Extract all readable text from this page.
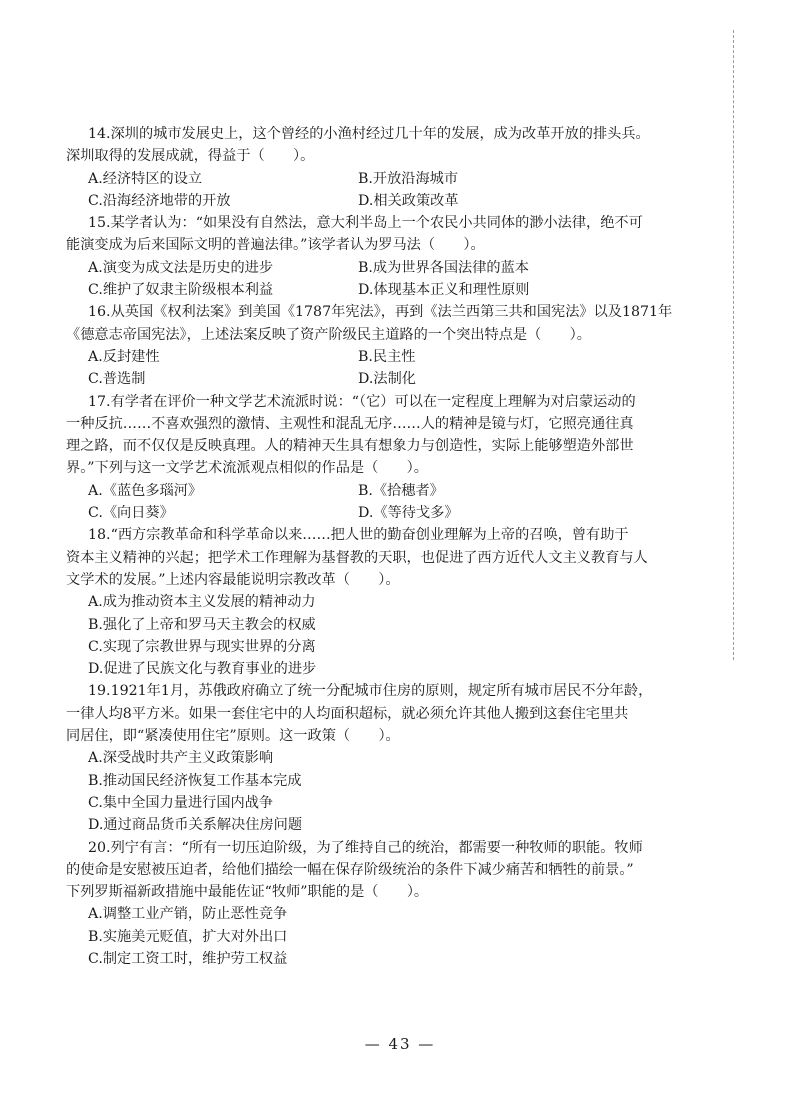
14.深圳的城市发展史上，这个曾经的小渔村经过几十年的发展，成为改革开放的排头兵。
深圳取得的发展成就，得益于（　　）。
A.经济特区的设立	B.开放沿海城市
C.沿海经济地带的开放	D.相关政策改革
15.某学者认为：“如果没有自然法，意大利半岛上一个农民小共同体的渺小法律，绝不可
能演变成为后来国际文明的普遍法律。”该学者认为罗马法（　　）。
A.演变为成文法是历史的进步	B.成为世界各国法律的蓝本
C.维护了奴隶主阶级根本利益	D.体现基本正义和理性原则
16.从英国《权利法案》到美国《1787年宪法》，再到《法兰西第三共和国宪法》以及1871年
《德意志帝国宪法》，上述法案反映了资产阶级民主道路的一个突出特点是（　　）。
A.反封建性	B.民主性
C.普选制	D.法制化
17.有学者在评价一种文学艺术流派时说：“（它）可以在一定程度上理解为对启蒙运动的
一种反抗……不喜欢强烈的激情、主观性和混乱无序……人的精神是镜与灯，它照亮通往真
理之路，而不仅仅是反映真理。人的精神天生具有想象力与创造性，实际上能够塑造外部世
界。”下列与这一文学艺术流派观点相似的作品是（　　）。
A.《蓝色多瑙河》	B.《拾穗者》
C.《向日葵》	D.《等待戈多》
18.“西方宗教革命和科学革命以来……把人世的勤奋创业理解为上帝的召唤，曾有助于
资本主义精神的兴起；把学术工作理解为基督教的天职，也促进了西方近代人文主义教育与人
文学术的发展。”上述内容最能说明宗教改革（　　）。
A.成为推动资本主义发展的精神动力
B.强化了上帝和罗马天主教会的权威
C.实现了宗教世界与现实世界的分离
D.促进了民族文化与教育事业的进步
19.1921年1月，苏俄政府确立了统一分配城市住房的原则，规定所有城市居民不分年龄，
一律人均8平方米。如果一套住宅中的人均面积超标，就必须允许其他人搬到这套住宅里共
同居住，即“紧凑使用住宅”原则。这一政策（　　）。
A.深受战时共产主义政策影响
B.推动国民经济恢复工作基本完成
C.集中全国力量进行国内战争
D.通过商品货币关系解决住房问题
20.列宁有言：“所有一切压迫阶级，为了维持自己的统治，都需要一种牧师的职能。牧师
的使命是安慰被压迫者，给他们描绘一幅在保存阶级统治的条件下减少痛苦和牺牲的前景。”
下列罗斯福新政措施中最能佐证“牧师”职能的是（　　）。
A.调整工业产销，防止恶性竞争
B.实施美元贬值，扩大对外出口
C.制定工资工时，维护劳工权益
— 43 —
